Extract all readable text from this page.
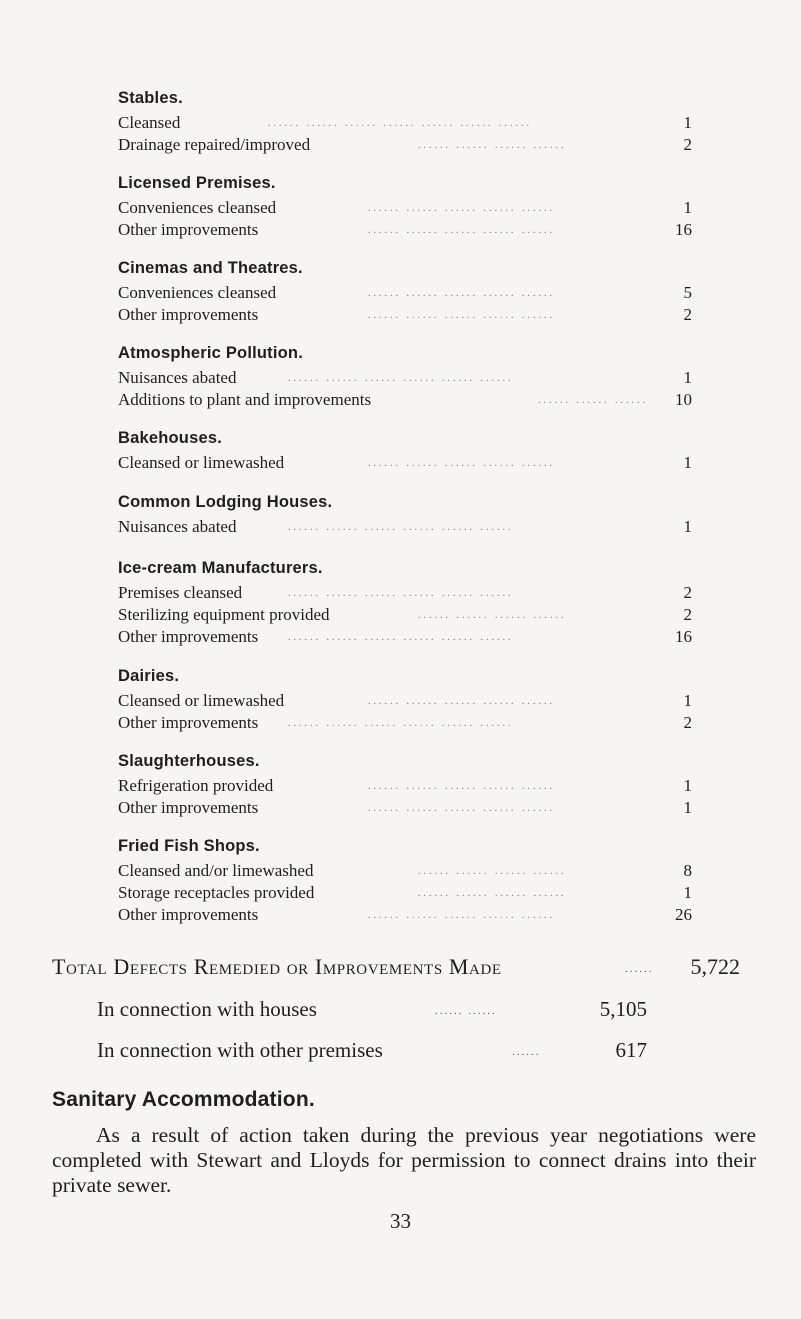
Stables.
Cleansed	...... ...... ...... ...... ...... ...... ......	1
Drainage repaired/improved	...... ...... ...... ......	2
Licensed Premises.
Conveniences cleansed	...... ...... ...... ...... ......	1
Other improvements	...... ...... ...... ...... ......	16
Cinemas and Theatres.
Conveniences cleansed	...... ...... ...... ...... ......	5
Other improvements	...... ...... ...... ...... ......	2
Atmospheric Pollution.
Nuisances abated	...... ...... ...... ...... ...... ......	1
Additions to plant and improvements	...... ...... ......	10
Bakehouses.
Cleansed or limewashed	...... ...... ...... ...... ......	1
Common Lodging Houses.
Nuisances abated	...... ...... ...... ...... ...... ......	1
Ice-cream Manufacturers.
Premises cleansed	...... ...... ...... ...... ...... ......	2
Sterilizing equipment provided	...... ...... ...... ......	2
Other improvements	...... ...... ...... ...... ...... ......	16
Dairies.
Cleansed or limewashed	...... ...... ...... ...... ......	1
Other improvements	...... ...... ...... ...... ...... ......	2
Slaughterhouses.
Refrigeration provided	...... ...... ...... ...... ......	1
Other improvements	...... ...... ...... ...... ......	1
Fried Fish Shops.
Cleansed and/or limewashed	...... ...... ...... ......	8
Storage receptacles provided	...... ...... ...... ......	1
Other improvements	...... ...... ...... ...... ......	26
Total Defects Remedied or Improvements Made	......	5,722
In connection with houses	...... ......	5,105
In connection with other premises	......	617
Sanitary Accommodation.
As a result of action taken during the previous year negotiations were completed with Stewart and Lloyds for permission to connect drains into their private sewer.
33
